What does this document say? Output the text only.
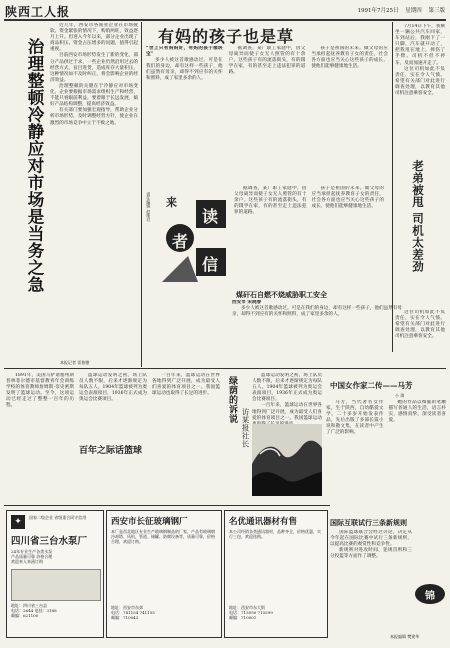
陕西工人报	1991年7月25日 星期四 第三版
治理整顿冷静应对市场是当务之急

近几年，西安市各商业企业在市场疲软、资金紧张的情况下，购销两旺，效益逐月上升。但进入今年以来，部分企业出现了商品积压、资金占压增多的问题，值得引起重视。

目前西安市场形势发生了新的变化，部分产品供过于求，一些企业仍然沿用过去的经营方式，盲目进货，造成库存大量积压，这种情况如不及时纠正，将会影响企业的经济效益。

治理整顿的关键在于冷静应对市场变化，企业要根据市场需求组织生产和经营，不能只看眼前利益，要着眼于长远发展，搞好产品结构调整，提高经济效益。

有关部门要加强宏观指导，帮助企业分析市场形势，及时调整经营方针，使企业在激烈的市场竞争中立于不败之地。

本报记者 雷鲁德
有妈的孩子也是草

“世上只有妈妈好，有妈的孩子像块宝”

多少人被这首歌感动过。可是在我们的身边，却有这样一些孩子，他们虽然有母亲，却得不到应有的关怀和照料，成了家里多余的人。

据调查，某厂职工家庭中，因父母离异而使子女无人照管的有十余户。这些孩子有的流落街头，有的辍学在家，有的甚至走上违法犯罪的道路。

孩子是祖国的未来。做父母的应当承担起抚养教育子女的责任，社会各方面也应当关心这些孩子的成长，使他们能够健康地生活。

责任编辑 赵维君
者
读
信
来

据调查，某厂职工家庭中，因父母离异而使子女无人照管的有十余户。这些孩子有的流落街头，有的辍学在家，有的甚至走上违法犯罪的道路。

孩子是祖国的未来。做父母的应当承担起抚养教育子女的责任，社会各方面也应当关心这些孩子的成长，使他们能够健康地生活。

煤矸石自燃不烧威胁职工安全

西安市 宋晓春

多少人被这首歌感动过。可是在我们的身边，却有这样一些孩子，他们虽然有母亲，却得不到应有的关怀和照料，成了家里多余的人。

老弟被甩 司机太差劲

7月14日下午，我乘坐一辆公共汽车回家，车到站后，我刚下了一只脚，汽车就开动了，把我甩在地上，摔伤了手臂。司机不但不停车，反而加速开走了。

这位司机如此不负责任，实在令人气愤。希望有关部门对此进行调查处理，以教育其他司机注意乘客安全。

这位司机如此不负责任，实在令人气愤。希望有关部门对此进行调查处理，以教育其他司机注意乘客安全。

1891年，美国马萨诸塞州斯普林菲尔德市基督教青年会训练学校的体育教师詹姆斯·奈史密斯发明了篮球运动。至今，这项运动已经走过了整整一百年的历程。

篮球运动发明之初，场上队员人数不限，后来才逐渐规定为每队五人。1904年篮球被列为奥运会表演项目，1936年正式成为奥运会比赛项目。

一百年来，篮球运动在世界各地得到广泛开展，成为最受人们喜爱的体育项目之一。我国篮球运动也取得了长足的进步。

百年之际话篮球
绿荫的诉说
访某报社长

篮球运动发明之初，场上队员人数不限，后来才逐渐规定为每队五人。1904年篮球被列为奥运会表演项目，1936年正式成为奥运会比赛项目。

一百年来，篮球运动在世界各地得到广泛开展，成为最受人们喜爱的体育项目之一。我国篮球运动

中国女作家二传——马芳
小 琪

马芳，当代著名女作家，生于陕西，自幼酷爱文学。二十多岁开始发表作品，先后出版了多部长篇小说和散文集，在读者中产生了广泛的影响。

她的作品以细腻的笔触描写普通人的生活，语言朴实，感情真挚，深受读者喜爱。

✦	国家二级企业 省级重合同守信用
四川省三台水泵厂
24年专业生产各类水泵
产品质量可靠 价格合理
欢迎来人来函订购
地址：四川省三台县
电话：2644 电挂：3188
邮编：621100
西安市长征玻璃钢厂
本厂是西北地区专业生产玻璃钢制品的厂家，产品有玻璃钢冷却塔、风机、管道、储罐、防腐设备等，质量可靠，价格合理，欢迎订购。
地址：西安市东郊
电话：741154 741155
邮编：710043
名优通讯器材有售
本公司经销各类通讯器材，品种齐全，价格优惠，实行三包，欢迎选购。
地址：西安市东大街
电话：715590 715599
邮编：710001
国际互联试行三条新规则

国际篮球联合会经过讨论，决定从今年起在国际比赛中试行三条新规则，以提高比赛的观赏性和竞争性。

新规则对进攻时间、犯规罚则和三分投篮等方面作了调整。

锦
本报编辑 樊建华
